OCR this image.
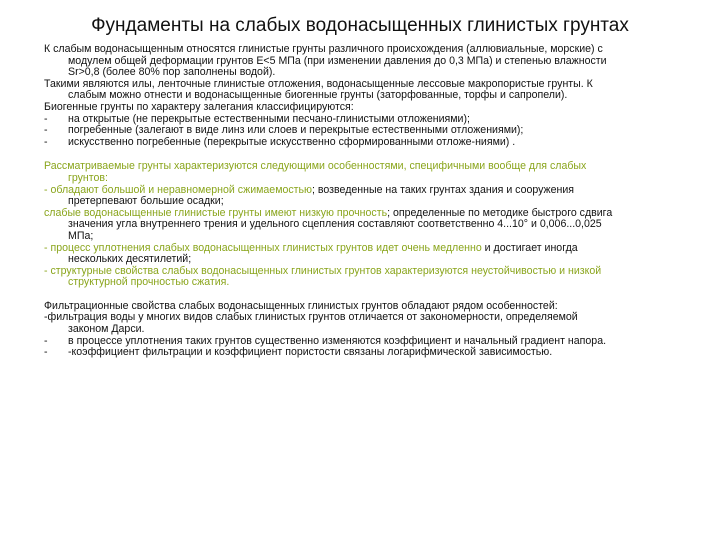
Фундаменты на слабых водонасыщенных глинистых грунтах
К слабым водонасыщенным относятся глинистые грунты различного происхождения (аллювиальные, морские) с
модулем общей деформации грунтов Е<5 МПа (при изменении давления до 0,3 МПа) и степенью влажности
Sr>0,8 (более 80% пор заполнены водой).
Такими являются илы, ленточные глинистые отложения, водонасыщенные лессовые макропористые грунты. К
слабым можно отнести и водонасыщенные биогенные грунты (заторфованные, торфы и сапропели).
Биогенные грунты по характеру залегания классифицируются:
-	на открытые (не перекрытые естественными песчано-глинистыми отложениями);
-	погребенные (залегают в виде линз или слоев и перекрытые естественными отложениями);
-	искусственно погребенные (перекрытые искусственно сформированными отложе-ниями) .
Рассматриваемые грунты характеризуются следующими особенностями, специфичными вообще для слабых
грунтов:
- обладают большой и неравномерной сжимаемостью; возведенные на таких грунтах здания и сооружения
претерпевают большие осадки;
слабые водонасыщенные глинистые грунты имеют низкую прочность; определенные по методике быстрого сдвига
значения угла внутреннего трения и удельного сцепления составляют соответственно 4...10° и 0,006...0,025
МПа;
- процесс уплотнения слабых водонасыщенных глинистых грунтов идет очень медленно и достигает иногда
нескольких десятилетий;
- структурные свойства слабых водонасыщенных глинистых грунтов характеризуются неустойчивостью и низкой
структурной прочностью сжатия.
Фильтрационные свойства слабых водонасыщенных глинистых грунтов обладают рядом особенностей:
-фильтрация воды у многих видов слабых глинистых грунтов отличается от закономерности, определяемой
законом Дарси.
-	в процессе уплотнения таких грунтов существенно изменяются коэффициент и начальный градиент напора.
-	-коэффициент фильтрации и коэффициент пористости связаны логарифмической зависимостью.
